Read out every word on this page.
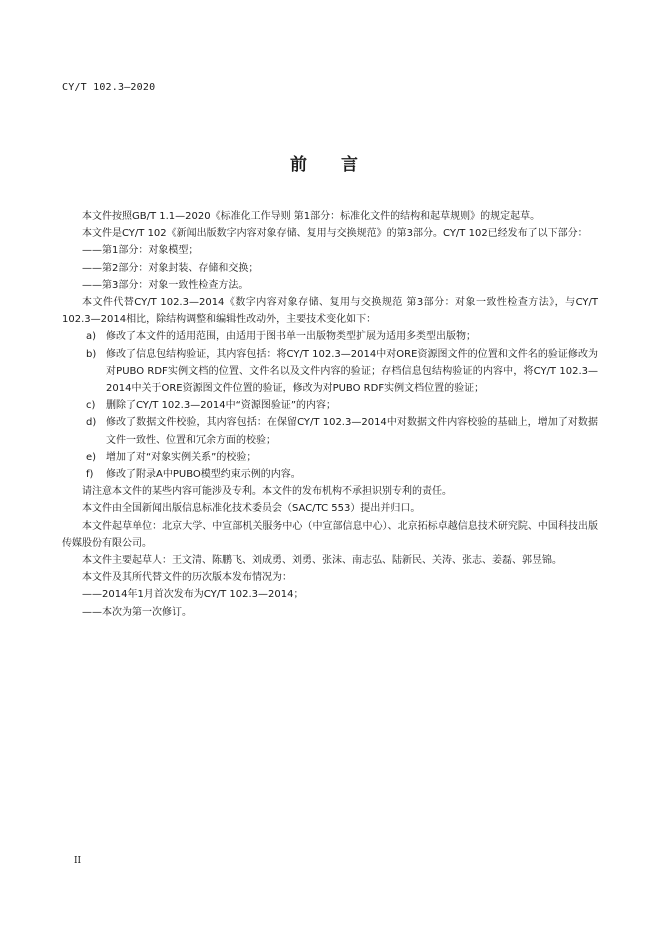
CY/T 102.3—2020
前 言

本文件按照GB/T 1.1—2020《标准化工作导则 第1部分：标准化文件的结构和起草规则》的规定起草。

本文件是CY/T 102《新闻出版数字内容对象存储、复用与交换规范》的第3部分。CY/T 102已经发布了以下部分：

——第1部分：对象模型；

——第2部分：对象封装、存储和交换；

——第3部分：对象一致性检查方法。

本文件代替CY/T 102.3—2014《数字内容对象存储、复用与交换规范 第3部分：对象一致性检查方法》，与CY/T 102.3—2014相比，除结构调整和编辑性改动外，主要技术变化如下：

a) 修改了本文件的适用范围，由适用于图书单一出版物类型扩展为适用多类型出版物；
b) 修改了信息包结构验证，其内容包括：将CY/T 102.3—2014中对ORE资源图文件的位置和文件名的验证修改为对PUBO RDF实例文档的位置、文件名以及文件内容的验证；存档信息包结构验证的内容中，将CY/T 102.3—2014中关于ORE资源图文件位置的验证，修改为对PUBO RDF实例文档位置的验证；
c) 删除了CY/T 102.3—2014中“资源图验证”的内容；
d) 修改了数据文件校验，其内容包括：在保留CY/T 102.3—2014中对数据文件内容校验的基础上，增加了对数据文件一致性、位置和冗余方面的校验；
e) 增加了对“对象实例关系”的校验；
f) 修改了附录A中PUBO模型约束示例的内容。

请注意本文件的某些内容可能涉及专利。本文件的发布机构不承担识别专利的责任。

本文件由全国新闻出版信息标准化技术委员会（SAC/TC 553）提出并归口。

本文件起草单位：北京大学、中宣部机关服务中心（中宣部信息中心）、北京拓标卓越信息技术研究院、中国科技出版传媒股份有限公司。

本文件主要起草人：王文清、陈鹏飞、刘成勇、刘勇、张沫、南志弘、陆新民、关涛、张志、姜磊、郭昱锦。

本文件及其所代替文件的历次版本发布情况为：

——2014年1月首次发布为CY/T 102.3—2014；

——本次为第一次修订。

II
